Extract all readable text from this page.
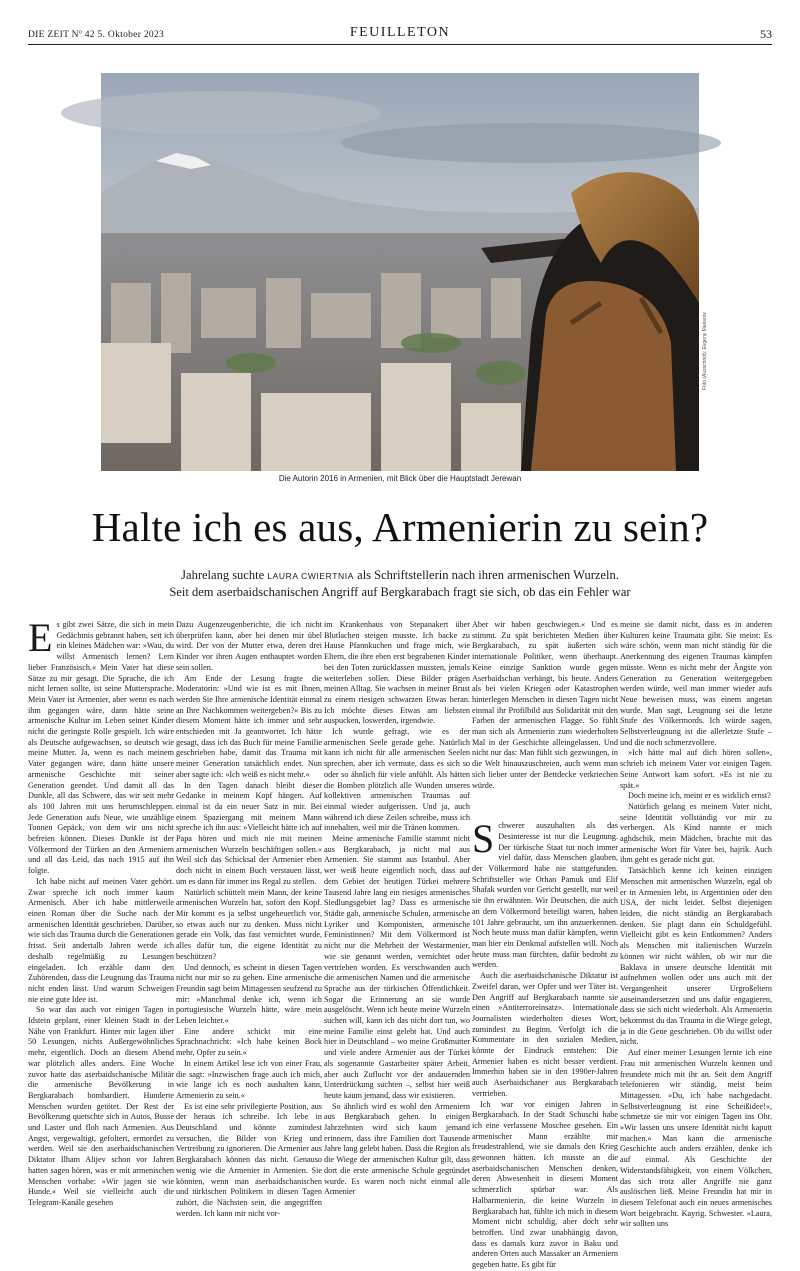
DIE ZEIT Nº 42 5. Oktober 2023	FEUILLETON	53
Foto (Ausschnitt): Evgeny Makarov
Die Autorin 2016 in Armenien, mit Blick über die Hauptstadt Jerewan
Halte ich es aus, Armenierin zu sein?
Jahrelang suchte LAURA CWIERTNIA als Schriftstellerin nach ihren armenischen Wurzeln.
Seit dem aserbaidschanischen Angriff auf Bergkarabach fragt sie sich, ob das ein Fehler war

Es gibt zwei Sätze, die sich in mein Gedächtnis gebrannt haben, seit ich ein kleines Mädchen war: »Wau, du willst Armenisch lernen? Lern lieber Französisch.« Mein Vater hat diese Sätze zu mir gesagt. Die Sprache, die ich nicht lernen sollte, ist seine Muttersprache. Mein Vater ist Armenier, aber wenn es nach ihm gegangen wäre, dann hätte seine armenische Kultur im Leben seiner Kinder nicht die geringste Rolle gespielt. Ich wäre als Deutsche aufgewachsen, so deutsch wie meine Mutter. Ja, wenn es nach meinem Vater gegangen wäre, dann hätte unsere armenische Geschichte mit seiner Generation geendet. Und damit all das Dunkle, all das Schwere, das wir seit mehr als 100 Jahren mit uns herumschleppen. Jede Generation aufs Neue, wie unzählige Tonnen Gepäck, von dem wir uns nicht befreien können. Dieses Dunkle ist der Völkermord der Türken an den Armeniern und all das Leid, das nach 1915 auf ihn folgte.

Ich habe nicht auf meinen Vater gehört. Zwar spreche ich noch immer kaum Armenisch. Aber ich habe mittlerweile einen Roman über die Suche nach der armenischen Identität geschrieben. Darüber, wie sich das Trauma durch die Generationen frisst. Seit andertalb Jahren werde ich deshalb regelmäßig zu Lesungen eingeladen. Ich erzähle dann den Zuhörenden, dass die Leugnung das Trauma nicht enden lässt. Und warum Schweigen nie eine gute Idee ist.

So war das auch vor einigen Tagen in Idstein geplant, einer kleinen Stadt in der Nähe von Frankfurt. Hinter mir lagen über 50 Lesungen, nichts Außergewöhnliches mehr, eigentlich. Doch an diesem Abend war plötzlich alles anders. Eine Woche zuvor hatte das aserbaidschanische Militär die armenische Bevölkerung in Bergkarabach bombardiert. Hunderte Menschen wurden getötet. Der Rest der Bevölkerung quetschte sich in Autos, Busse und Laster und floh nach Armenien. Aus Angst, vergewaltigt, gefoltert, ermordet zu werden. Weil sie den aserbaidschanischen Diktator Ilham Alijev schon vor Jahren hatten sagen hören, was er mit armenischen Menschen vorhabe: »Wir jagen sie wie Hunde.« Weil sie vielleicht auch die Telegram-Kanäle gesehen

Dazu Augenzeugenberichte, die ich nicht überprüfen kann, aber bei denen mir übel wird. Der von der Mutter etwa, deren drei Kinder vor ihren Augen enthauptet worden sein sollen.

Am Ende der Lesung fragte die Moderatorin: »Und wie ist es mit Ihnen, werden Sie Ihre armenische Identität einmal an Ihre Nachkommen weitergeben?« Bis zu diesem Moment hätte ich immer und sehr entschieden mit Ja geantwortet. Ich hätte gesagt, dass ich das Buch für meine Familie geschrieben habe, damit das Trauma mit meiner Generation tatsächlich endet. Nun aber sagte ich: »Ich weiß es nicht mehr.«

In den Tagen danach bleibt dieser Gedanke in meinem Kopf hängen. Auf einmal ist da ein neuer Satz in mir. Bei einem Spaziergang mit meinem Mann spreche ich ihn aus: »Vielleicht hätte ich auf Papa hören und mich nie mit meinen armenischen Wurzeln beschäftigen sollen.« Weil sich das Schicksal der Armenier eben doch nicht in einem Buch verstauen lässt, um es dann für immer ins Regal zu stellen.

Natürlich schüttelt mein Mann, der keine armenischen Wurzeln hat, sofort den Kopf. Mir kommt es ja selbst ungeheuerlich vor, so etwas auch nur zu denken. Muss nicht gerade ein Volk, das fast vernichtet wurde, alles dafür tun, die eigene Identität zu beschützen?

Und dennoch, es scheint in diesen Tagen nicht nur mir so zu gehen. Eine armenische Freundin sagt beim Mittagessen seufzend zu mir: »Manchmal denke ich, wenn ich portugiesische Wurzeln hätte, wäre mein Leben leichter.«

Eine andere schickt mir eine Sprachnachricht: »Ich habe keinen Bock mehr, Opfer zu sein.«

In einem Artikel lese ich von einer Frau, die sagt: »Inzwischen frage auch ich mich, wie lange ich es noch aushalten kann, Armenierin zu sein.«

Es ist eine sehr privilegierte Position, aus der heraus ich schreibe. Ich lebe in Deutschland und könnte zumindest versuchen, die Bilder von Krieg und Vertreibung zu ignorieren. Die Armenier aus Bergkarabach können das nicht. Genauso wenig wie die Armenier in Armenien. Sie könnten, wenn man aserbaidschanischen und türkischen Politikern in diesen Tagen zuhört, die Nächsten sein, die angegriffen werden. Ich kann mir nicht vor-

im Krankenhaus von Stepanakert über Blutlachen steigen musste. Ich backe zu Hause Pfannkuchen und frage mich, wie Eltern, die ihre eben erst begrabenen Kinder bei den Toten zurücklassen mussten, jemals weiterleben sollen. Diese Bilder prägen meinen Alltag. Sie wachsen in meiner Brust zu einem riesigen schwarzen Etwas heran. Ich möchte dieses Etwas am liebsten auspucken, loswerden, irgendwie.

Ich wurde gefragt, wie es der armenischen Seele gerade gehe. Natürlich kann ich nicht für alle armenischen Seelen sprechen, aber ich vermute, dass es sich so oder so ähnlich für viele anfühlt. Als hätten die Bomben plötzlich alle Wunden unseres kollektiven armenischen Traumas auf einmal wieder aufgerissen. Und ja, auch während ich diese Zeilen schreibe, muss ich innehalten, weil mir die Tränen kommen.

Meine armenische Familie stammt nicht aus Bergkarabach, ja nicht mal aus Armenien. Sie stammt aus Istanbul. Aber wer weiß heute eigentlich noch, dass auf dem Gebiet der heutigen Türkei mehrere Tausend Jahre lang ein riesiges armenisches Siedlungsgebiet lag? Dass es armenische Städte gab, armenische Schulen, armenische Lyriker und Komponisten, armenische Feministinnen? Mit dem Völkermord ist nicht nur die Mehrheit der Westarmenier, wie sie genannt werden, vernichtet oder vertrieben worden. Es verschwanden auch die armenischen Namen und die armenische Sprache aus der türkischen Öffentlichkeit. Sogar die Erinnerung an sie wurde ausgelöscht. Wenn ich heute meine Wurzeln suchen will, kann ich das nicht dort tun, wo meine Familie einst gelebt hat. Und auch hier in Deutschland – wo meine Großmutter und viele andere Armenier aus der Türkei als sogenannte Gastarbeiter später Arbeit, aber auch Zuflucht vor der andauernden Unterdrückung suchten –, selbst hier weiß heute kaum jemand, dass wir existieren.

So ähnlich wird es wohl den Armeniern aus Bergkarabach gehen. In einigen Jahrzehnten wird sich kaum jemand erinnern, dass ihre Familien dort Tausende Jahre lang gelebt haben. Dass die Region als die Wiege der armenischen Kultur gilt, dass dort die erste armenische Schule gegründet wurde. Es waren noch nicht einmal alle Armenier

Aber wir haben geschwiegen.« Und es stimmt. Zu spät berichteten Medien über Bergkarabach, zu spät äußerten sich internationale Politiker, wenn überhaupt. Keine einzige Sanktion wurde gegen Aserbaidschan verhängt, bis heute. Anders als bei vielen Kriegen oder Katastrophen hinterlegen Menschen in diesen Tagen nicht einmal ihr Profilbild aus Solidarität mit den Farben der armenischen Flagge. So fühlt man sich als Armenierin zum wiederholten Mal in der Geschichte alleingelassen. Und nicht nur das: Man fühlt sich gezwungen, in die Welt hinauszuschreien, auch wenn man sich lieber unter der Bettdecke verkriechen würde.

Schwerer auszuhalten als das Desinteresse ist nur die Leugnung. Der türkische Staat tut noch immer viel dafür, dass Menschen glauben, der Völkermord habe nie stattgefunden. Schriftsteller wie Orhan Pamuk und Elif Shafak wurden vor Gericht gestellt, nur weil sie ihn erwähnten. Wir Deutschen, die auch an dem Völkermord beteiligt waren, haben 101 Jahre gebraucht, um ihn anzuerkennen. Noch heute muss man dafür kämpfen, wenn man hier ein Denkmal aufstellen will. Noch heute muss man fürchten, dafür bedroht zu werden.

Auch die aserbaidschanische Diktatur ist Zweifel daran, wer Opfer und wer Täter ist. Den Angriff auf Bergkarabach nannte sie einen »Antiterroreinsatz«. Internationale Journalisten wiederholten dieses Wort, zumindest zu Beginn. Verfolgt ich die Kommentare in den sozialen Medien, könnte der Eindruck entstehen: Die Armenier haben es nicht besser verdient. Immerhin haben sie in den 1990er-Jahren auch Aserbaidschaner aus Bergkarabach vertrieben.

Ich war vor einigen Jahren in Bergkarabach. In der Stadt Schuschi habe ich eine verlassene Moschee gesehen. Ein armenischer Mann erzählte mir freudestrahlend, wie sie damals den Krieg gewonnen hätten. Ich musste an die aserbaidschanischen Menschen denken, deren Abwesenheit in diesem Moment schmerzlich spürbar war. Als Halbarmenierin, die keine Wurzeln in Bergkarabach hat, fühlte ich mich in diesem Moment nicht schuldig, aber doch sehr betroffen. Und zwar unabhängig davon, dass es damals kurz zuvor in Baku und anderen Orten auch Massaker an Armeniern gegeben hatte. Es gibt für

meine sie damit nicht, dass es in anderen Kulturen keine Traumata gibt. Sie meint: Es wäre schön, wenn man nicht ständig für die Anerkennung des eigenen Traumas kämpfen müsste. Wenn es nicht mehr der Ängste von Generation zu Generation weitergegeben werden würde, weil man immer wieder aufs Neue beweisen muss, was einem angetan wurde. Man sagt, Leugnung sei die letzte Stufe des Völkermords. Ich würde sagen, Selbstverleugnung ist die allerletzte Stufe – und die noch schmerzvollere.

»Ich hätte mal auf dich hören sollen«, schrieb ich meinem Vater vor einigen Tagen. Seine Antwort kam sofort. »Es ist nie zu spät.«

Doch meine ich, meint er es wirklich ernst?

Natürlich gelang es meinem Vater nicht, seine Identität vollständig vor mir zu verbergen. Als Kind nannte er mich aghdschik, mein Mädchen, brachte mit das armenische Wort für Vater bei, hajrik. Auch ihm geht es gerade nicht gut.

Tatsächlich kenne ich keinen einzigen Menschen mit armenischen Wurzeln, egal ob er in Armenien lebt, in Argentinien oder den USA, der nicht leidet. Selbst diejenigen leiden, die nicht ständig an Bergkarabach denken. Sie plagt dann ein Schuldgefühl. Vielleicht gibt es kein Entkommen? Anders als Menschen mit italienischen Wurzeln können wir nicht wählen, ob wir nur die Baklava in unsere deutsche Identität mit aufnehmen wollen oder uns auch mit der Vergangenheit unserer Urgroßeltern auseinandersetzen und uns dafür engagieren, dass sie sich nicht wiederholt. Als Armenierin bekommst du das Trauma in die Wiege gelegt, ja in die Gene geschrieben. Ob du willst oder nicht.

Auf einer meiner Lesungen lernte ich eine Frau mit armenischen Wurzeln kennen und freundete mich mit ihr an. Seit dem Angriff telefonieren wir ständig, meist beim Mittagessen. »Du, ich habe nachgedacht. Selbstverleugnung ist eine Scheißidee!«, schmetze sie mir vor einigen Tagen ins Ohr. »Wir lassen uns unsere Identität nicht kaputt machen.« Man kann die armenische Geschichte auch anders erzählen, denke ich auf einmal. Als Geschichte der Widerstandsfähigkeit, von einem Völkchen, das sich trotz aller Angriffe nie ganz auslöschen ließ. Meine Freundin hat mir in diesem Telefonat auch ein neues armenisches Wort beigebracht. Kayrig. Schwester. »Laura, wir sollten uns
